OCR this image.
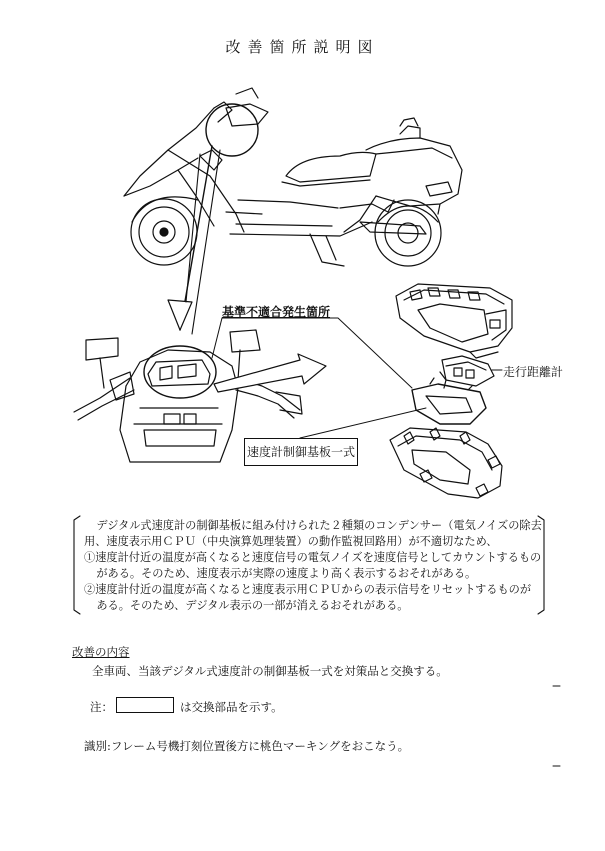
改善箇所説明図
基準不適合発生箇所
走行距離計
速度計制御基板一式

デジタル式速度計の制御基板に組み付けられた２種類のコンデンサー（電気ノイズの除去用、速度表示用ＣＰＵ（中央演算処理装置）の動作監視回路用）が不適切なため、

①速度計付近の温度が高くなると速度信号の電気ノイズを速度信号としてカウントするものがある。そのため、速度表示が実際の速度より高く表示するおそれがある。

②速度計付近の温度が高くなると速度表示用ＣＰＵからの表示信号をリセットするものがある。そのため、デジタル表示の一部が消えるおそれがある。

改善の内容
全車両、当該デジタル式速度計の制御基板一式を対策品と交換する。
注：	は交換部品を示す。
識別:フレーム号機打刻位置後方に桃色マーキングをおこなう。
